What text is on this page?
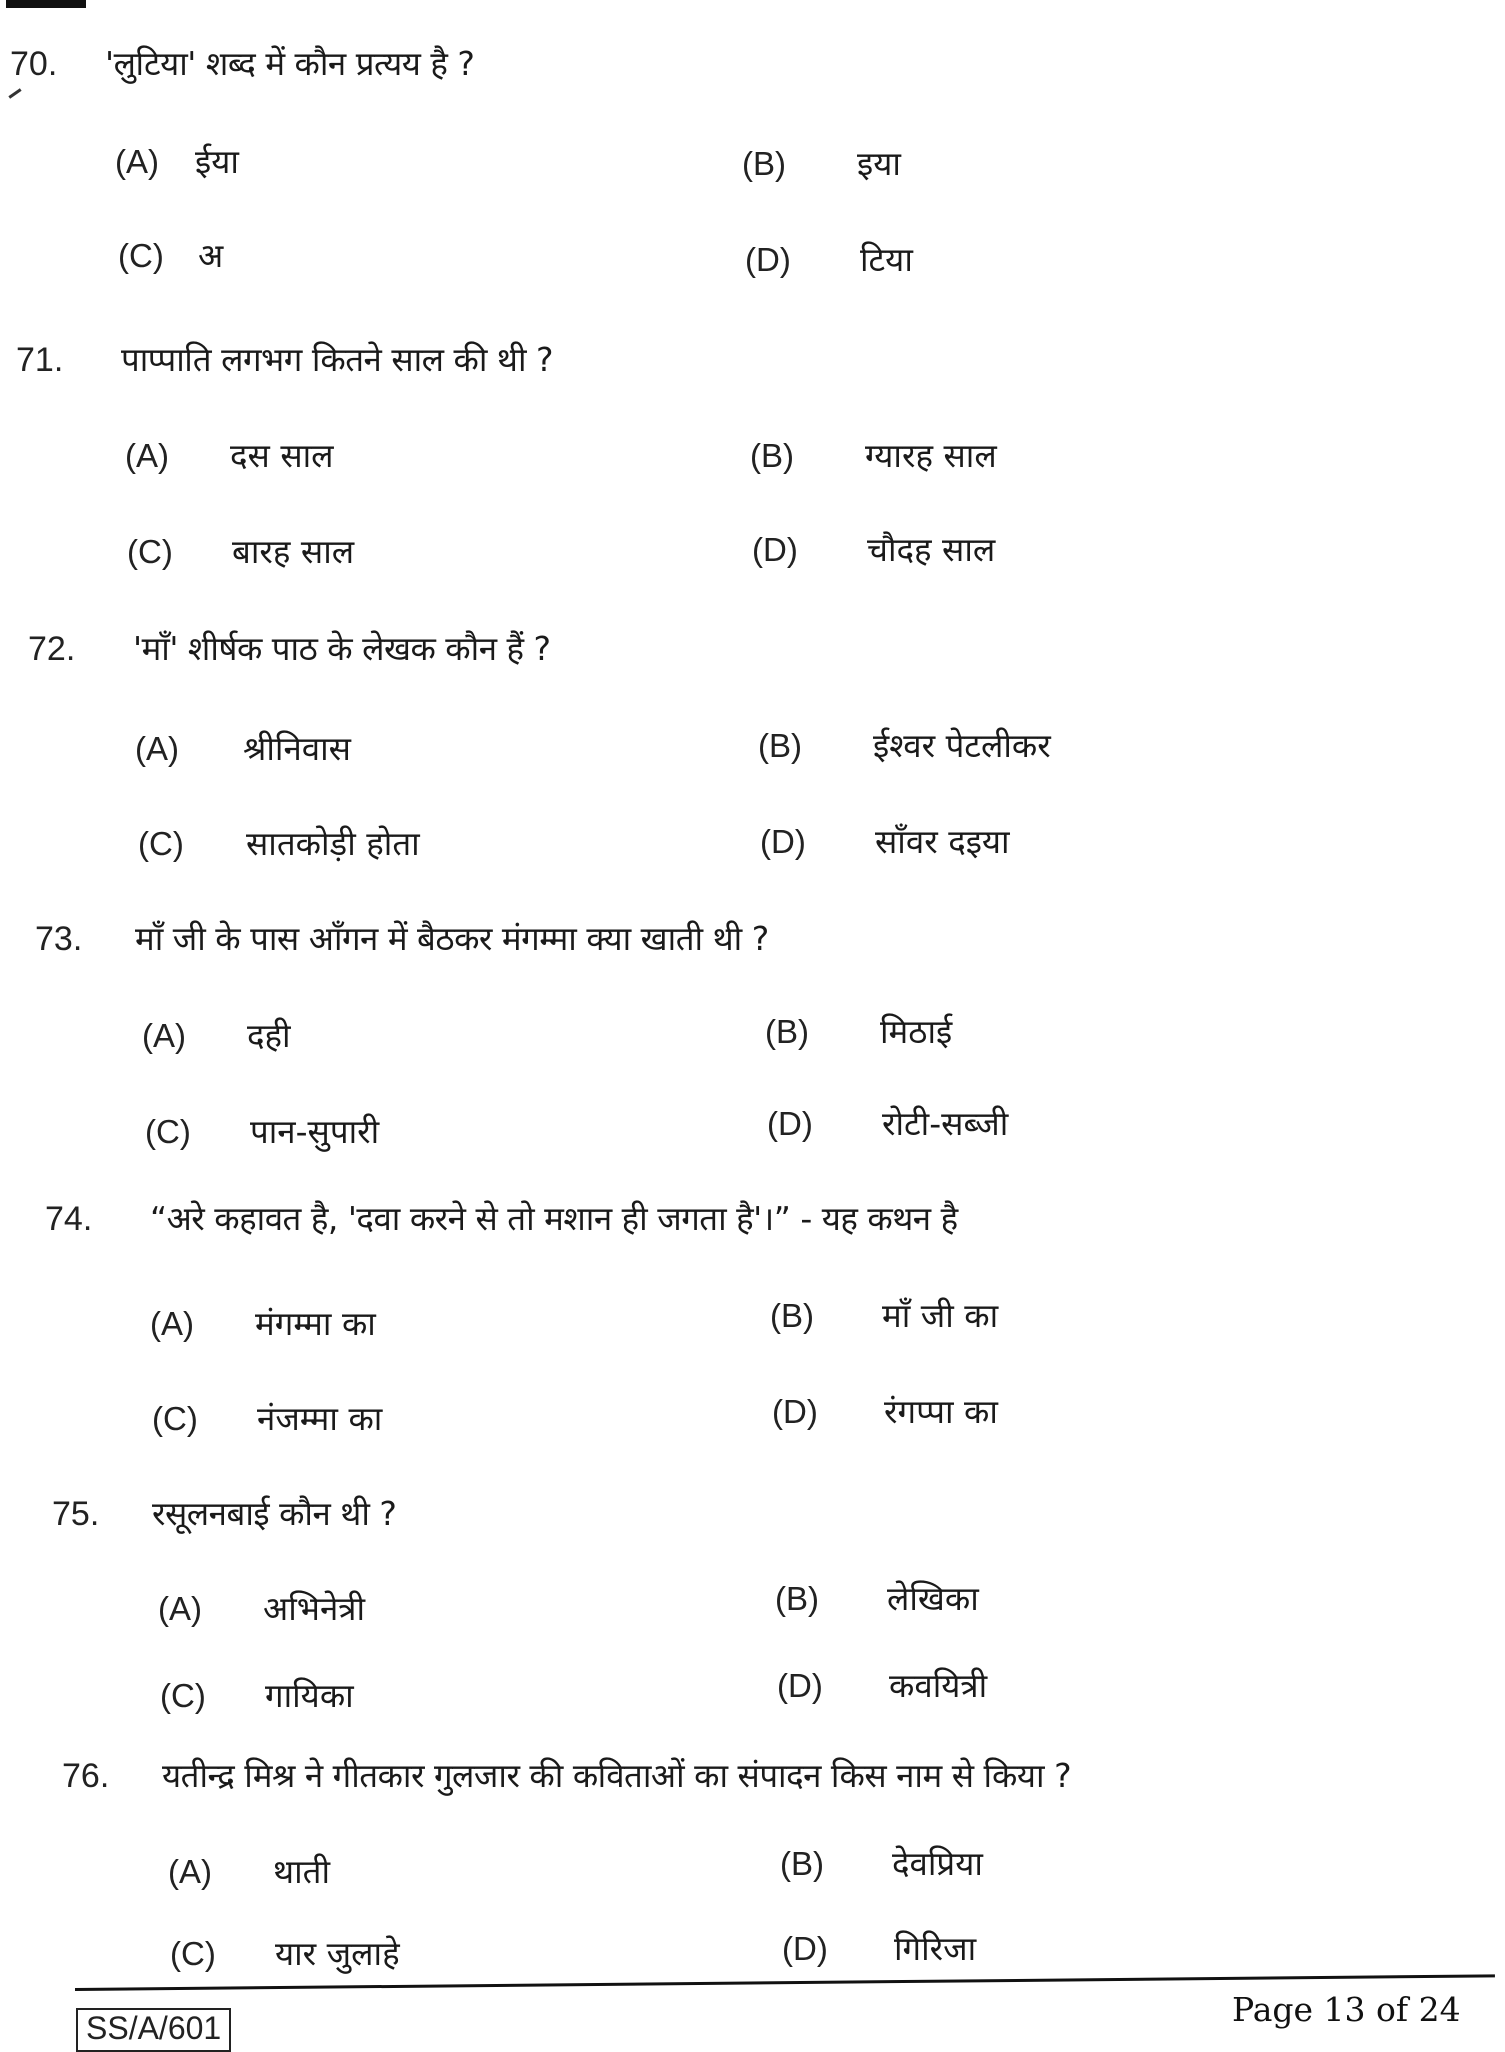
70.	'लुटिया' शब्द में कौन प्रत्यय है ?
(A)	ईया	(B)	इया
(C)	अ	(D)	टिया
71.	पाप्पाति लगभग कितने साल की थी ?
(A)	दस साल	(B)	ग्यारह साल
(C)	बारह साल	(D)	चौदह साल
72.	'माँ' शीर्षक पाठ के लेखक कौन हैं ?
(A)	श्रीनिवास	(B)	ईश्वर पेटलीकर
(C)	सातकोड़ी होता	(D)	साँवर दइया
73.	माँ जी के पास आँगन में बैठकर मंगम्मा क्या खाती थी ?
(A)	दही	(B)	मिठाई
(C)	पान-सुपारी	(D)	रोटी-सब्जी
74.	“अरे कहावत है, 'दवा करने से तो मशान ही जगता है'।” - यह कथन है
(A)	मंगम्मा का	(B)	माँ जी का
(C)	नंजम्मा का	(D)	रंगप्पा का
75.	रसूलनबाई कौन थी ?
(A)	अभिनेत्री	(B)	लेखिका
(C)	गायिका	(D)	कवयित्री
76.	यतीन्द्र मिश्र ने गीतकार गुलजार की कविताओं का संपादन किस नाम से किया ?
(A)	थाती	(B)	देवप्रिया
(C)	यार जुलाहे	(D)	गिरिजा
SS/A/601	Page 13 of 24
